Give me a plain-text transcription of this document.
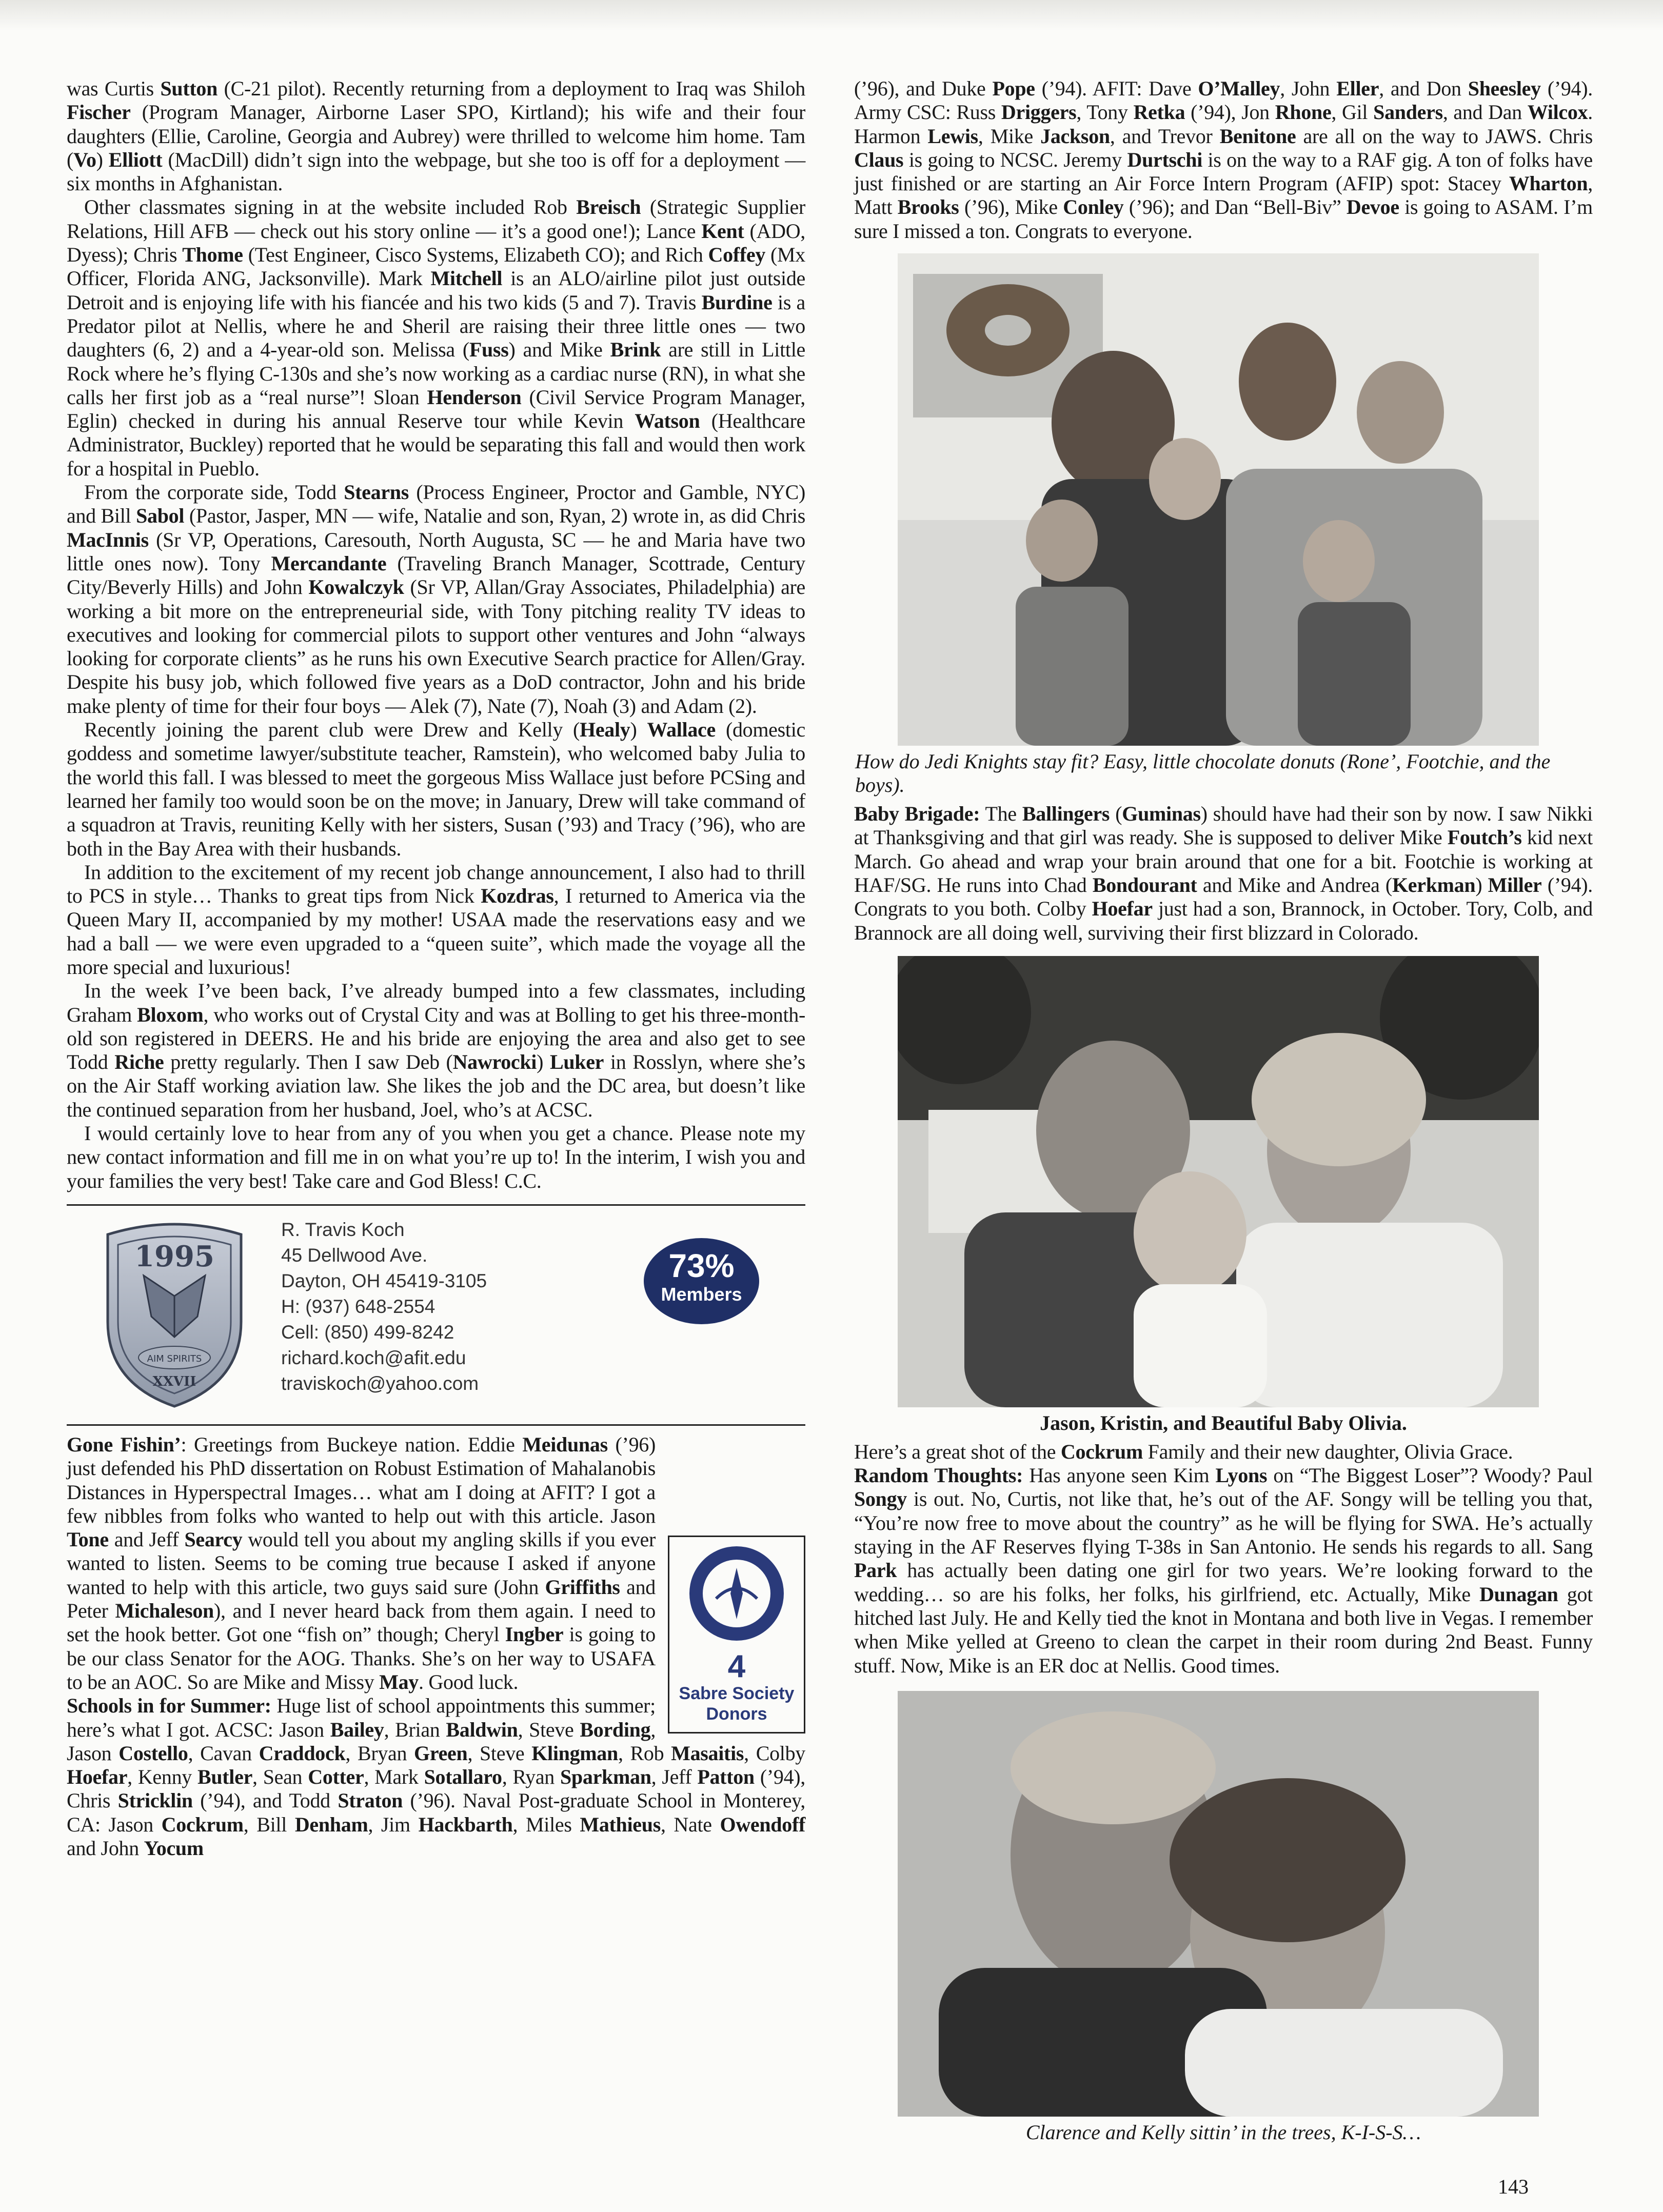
was Curtis Sutton (C-21 pilot). Recently returning from a deployment to Iraq was Shiloh Fischer (Program Manager, Airborne Laser SPO, Kirtland); his wife and their four daughters (Ellie, Caroline, Georgia and Aubrey) were thrilled to welcome him home. Tam (Vo) Elliott (MacDill) didn’t sign into the webpage, but she too is off for a deployment — six months in Afghanistan.

Other classmates signing in at the website included Rob Breisch (Strategic Supplier Relations, Hill AFB — check out his story online — it’s a good one!); Lance Kent (ADO, Dyess); Chris Thome (Test Engineer, Cisco Systems, Elizabeth CO); and Rich Coffey (Mx Officer, Florida ANG, Jacksonville). Mark Mitchell is an ALO/airline pilot just outside Detroit and is enjoying life with his fiancée and his two kids (5 and 7). Travis Burdine is a Predator pilot at Nellis, where he and Sheril are raising their three little ones — two daughters (6, 2) and a 4-year-old son. Melissa (Fuss) and Mike Brink are still in Little Rock where he’s flying C-130s and she’s now working as a cardiac nurse (RN), in what she calls her first job as a “real nurse”! Sloan Henderson (Civil Service Program Manager, Eglin) checked in during his annual Reserve tour while Kevin Watson (Healthcare Administrator, Buckley) reported that he would be separating this fall and would then work for a hospital in Pueblo.

From the corporate side, Todd Stearns (Process Engineer, Proctor and Gamble, NYC) and Bill Sabol (Pastor, Jasper, MN — wife, Natalie and son, Ryan, 2) wrote in, as did Chris MacInnis (Sr VP, Operations, Caresouth, North Augusta, SC — he and Maria have two little ones now). Tony Mercandante (Traveling Branch Manager, Scottrade, Century City/Beverly Hills) and John Kowalczyk (Sr VP, Allan/Gray Associates, Philadelphia) are working a bit more on the entrepreneurial side, with Tony pitching reality TV ideas to executives and looking for commercial pilots to support other ventures and John “always looking for corporate clients” as he runs his own Executive Search practice for Allen/Gray. Despite his busy job, which followed five years as a DoD contractor, John and his bride make plenty of time for their four boys — Alek (7), Nate (7), Noah (3) and Adam (2).

Recently joining the parent club were Drew and Kelly (Healy) Wallace (domestic goddess and sometime lawyer/substitute teacher, Ramstein), who welcomed baby Julia to the world this fall. I was blessed to meet the gorgeous Miss Wallace just before PCSing and learned her family too would soon be on the move; in January, Drew will take command of a squadron at Travis, reuniting Kelly with her sisters, Susan (’93) and Tracy (’96), who are both in the Bay Area with their husbands.

In addition to the excitement of my recent job change announcement, I also had to thrill to PCS in style… Thanks to great tips from Nick Kozdras, I returned to America via the Queen Mary II, accompanied by my mother! USAA made the reservations easy and we had a ball — we were even upgraded to a “queen suite”, which made the voyage all the more special and luxurious!

In the week I’ve been back, I’ve already bumped into a few classmates, including Graham Bloxom, who works out of Crystal City and was at Bolling to get his three-month-old son registered in DEERS. He and his bride are enjoying the area and also get to see Todd Riche pretty regularly. Then I saw Deb (Nawrocki) Luker in Rosslyn, where she’s on the Air Staff working aviation law. She likes the job and the DC area, but doesn’t like the continued separation from her husband, Joel, who’s at ACSC.

I would certainly love to hear from any of you when you get a chance. Please note my new contact information and fill me in on what you’re up to! In the interim, I wish you and your families the very best! Take care and God Bless! C.C.

1995
AIM SPIRITS
XXVII
R. Travis Koch
45 Dellwood Ave.
Dayton, OH 45419-3105
H: (937) 648-2554
Cell: (850) 499-8242
richard.koch@afit.edu
traviskoch@yahoo.com
73%
Members
4
Sabre Society Donors

Gone Fishin’: Greetings from Buckeye nation. Eddie Meidunas (’96) just defended his PhD dissertation on Robust Estimation of Mahalanobis Distances in Hyperspectral Images… what am I doing at AFIT? I got a few nibbles from folks who wanted to help out with this article. Jason Tone and Jeff Searcy would tell you about my angling skills if you ever wanted to listen. Seems to be coming true because I asked if anyone wanted to help with this article, two guys said sure (John Griffiths and Peter Michaleson), and I never heard back from them again. I need to set the hook better. Got one “fish on” though; Cheryl Ingber is going to be our class Senator for the AOG. Thanks. She’s on her way to USAFA to be an AOC. So are Mike and Missy May. Good luck.

Schools in for Summer: Huge list of school appointments this summer; here’s what I got. ACSC: Jason Bailey, Brian Baldwin, Steve Bording, Jason Costello, Cavan Craddock, Bryan Green, Steve Klingman, Rob Masaitis, Colby Hoefar, Kenny Butler, Sean Cotter, Mark Sotallaro, Ryan Sparkman, Jeff Patton (’94), Chris Stricklin (’94), and Todd Straton (’96). Naval Post-graduate School in Monterey, CA: Jason Cockrum, Bill Denham, Jim Hackbarth, Miles Mathieus, Nate Owendoff and John Yocum

(’96), and Duke Pope (’94). AFIT: Dave O’Malley, John Eller, and Don Sheesley (’94). Army CSC: Russ Driggers, Tony Retka (’94), Jon Rhone, Gil Sanders, and Dan Wilcox. Harmon Lewis, Mike Jackson, and Trevor Benitone are all on the way to JAWS. Chris Claus is going to NCSC. Jeremy Durtschi is on the way to a RAF gig. A ton of folks have just finished or are starting an Air Force Intern Program (AFIP) spot: Stacey Wharton, Matt Brooks (’96), Mike Conley (’96); and Dan “Bell-Biv” Devoe is going to ASAM. I’m sure I missed a ton. Congrats to everyone.

How do Jedi Knights stay fit? Easy, little chocolate donuts (Rone’, Footchie, and the boys).

Baby Brigade: The Ballingers (Guminas) should have had their son by now. I saw Nikki at Thanksgiving and that girl was ready. She is supposed to deliver Mike Foutch’s kid next March. Go ahead and wrap your brain around that one for a bit. Footchie is working at HAF/SG. He runs into Chad Bondourant and Mike and Andrea (Kerkman) Miller (’94). Congrats to you both. Colby Hoefar just had a son, Brannock, in October. Tory, Colb, and Brannock are all doing well, surviving their first blizzard in Colorado.

Jason, Kristin, and Beautiful Baby Olivia.

Here’s a great shot of the Cockrum Family and their new daughter, Olivia Grace.

Random Thoughts: Has anyone seen Kim Lyons on “The Biggest Loser”? Woody? Paul Songy is out. No, Curtis, not like that, he’s out of the AF. Songy will be telling you that, “You’re now free to move about the country” as he will be flying for SWA. He’s actually staying in the AF Reserves flying T-38s in San Antonio. He sends his regards to all. Sang Park has actually been dating one girl for two years. We’re looking forward to the wedding… so are his folks, her folks, his girlfriend, etc. Actually, Mike Dunagan got hitched last July. He and Kelly tied the knot in Montana and both live in Vegas. I remember when Mike yelled at Greeno to clean the carpet in their room during 2nd Beast. Funny stuff. Now, Mike is an ER doc at Nellis. Good times.

Clarence and Kelly sittin’ in the trees, K-I-S-S…
143
